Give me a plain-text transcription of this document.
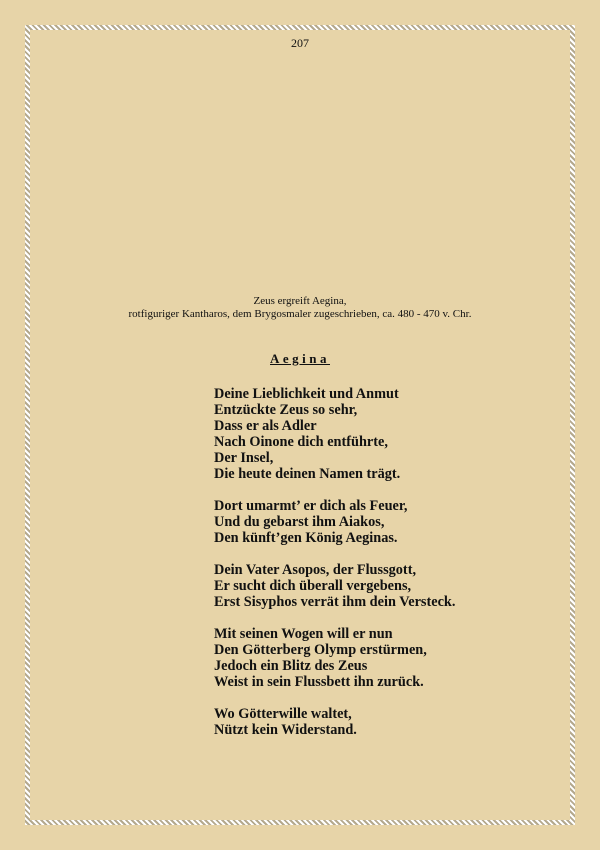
207
Zeus ergreift Aegina,
rotfiguriger Kantharos, dem Brygosmaler zugeschrieben, ca. 480 - 470 v. Chr.
Aegina
Deine Lieblichkeit und Anmut
Entzückte Zeus so sehr,
Dass er als Adler
Nach Oinone dich entführte,
Der Insel,
Die heute deinen Namen trägt.
Dort umarmt’ er dich als Feuer,
Und du gebarst ihm Aiakos,
Den künft’gen König Aeginas.
Dein Vater Asopos, der Flussgott,
Er sucht dich überall vergebens,
Erst Sisyphos verrät ihm dein Versteck.
Mit seinen Wogen will er nun
Den Götterberg Olymp erstürmen,
Jedoch ein Blitz des Zeus
Weist in sein Flussbett ihn zurück.
Wo Götterwille waltet,
Nützt kein Widerstand.
